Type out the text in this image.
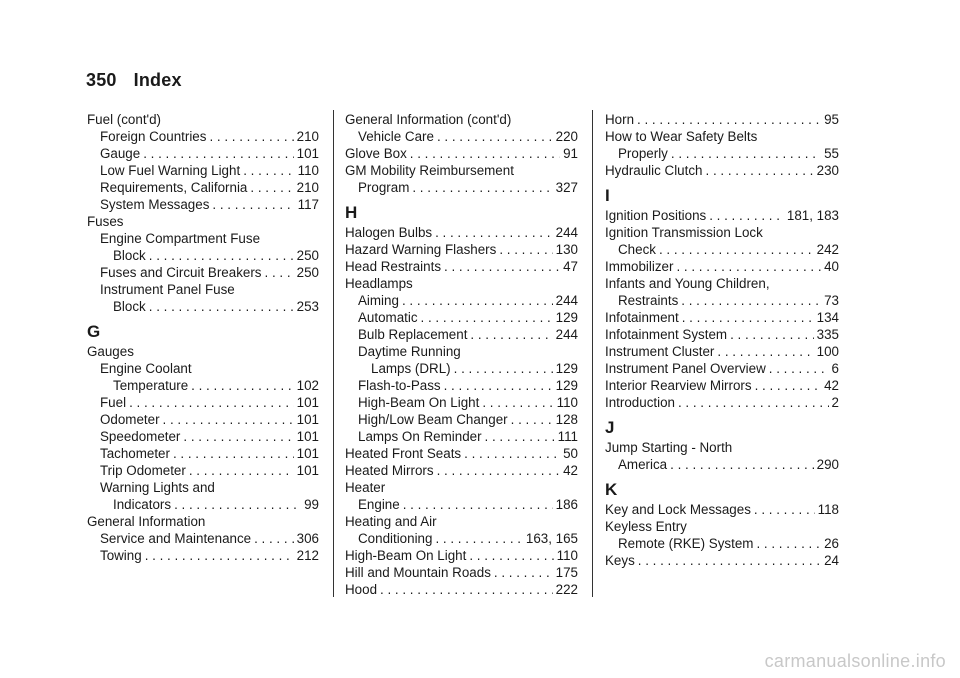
350 Index
Fuel (cont'd)
Foreign Countries . . .	210
Gauge . . .	101
Low Fuel Warning Light . . .	110
Requirements, California . . .	210
System Messages . . .	117
Fuses
Engine Compartment Fuse
Block . . .	250
Fuses and Circuit Breakers . . .	250
Instrument Panel Fuse
Block . . .	253
G
Gauges
Engine Coolant
Temperature . . .	102
Fuel . . .	101
Odometer . . .	101
Speedometer . . .	101
Tachometer . . .	101
Trip Odometer . . .	101
Warning Lights and
Indicators . . .	99
General Information
Service and Maintenance . . .	306
Towing . . .	212
General Information (cont'd)
Vehicle Care . . .	220
Glove Box . . .	91
GM Mobility Reimbursement
Program . . .	327
H
Halogen Bulbs . . .	244
Hazard Warning Flashers . . .	130
Head Restraints . . .	47
Headlamps
Aiming . . .	244
Automatic . . .	129
Bulb Replacement . . .	244
Daytime Running
Lamps (DRL) . . .	129
Flash-to-Pass . . .	129
High-Beam On Light . . .	110
High/Low Beam Changer . . .	128
Lamps On Reminder . . .	111
Heated Front Seats . . .	50
Heated Mirrors . . .	42
Heater
Engine . . .	186
Heating and Air
Conditioning . . .	163, 165
High-Beam On Light . . .	110
Hill and Mountain Roads . . .	175
Hood . . .	222
Horn . . .	95
How to Wear Safety Belts
Properly . . .	55
Hydraulic Clutch . . .	230
I
Ignition Positions . . .	181, 183
Ignition Transmission Lock
Check . . .	242
Immobilizer . . .	40
Infants and Young Children,
Restraints . . .	73
Infotainment . . .	134
Infotainment System . . .	335
Instrument Cluster . . .	100
Instrument Panel Overview . . .	6
Interior Rearview Mirrors . . .	42
Introduction . . .	2
J
Jump Starting - North
America . . .	290
K
Key and Lock Messages . . .	118
Keyless Entry
Remote (RKE) System . . .	26
Keys . . .	24
carmanualsonline.info
